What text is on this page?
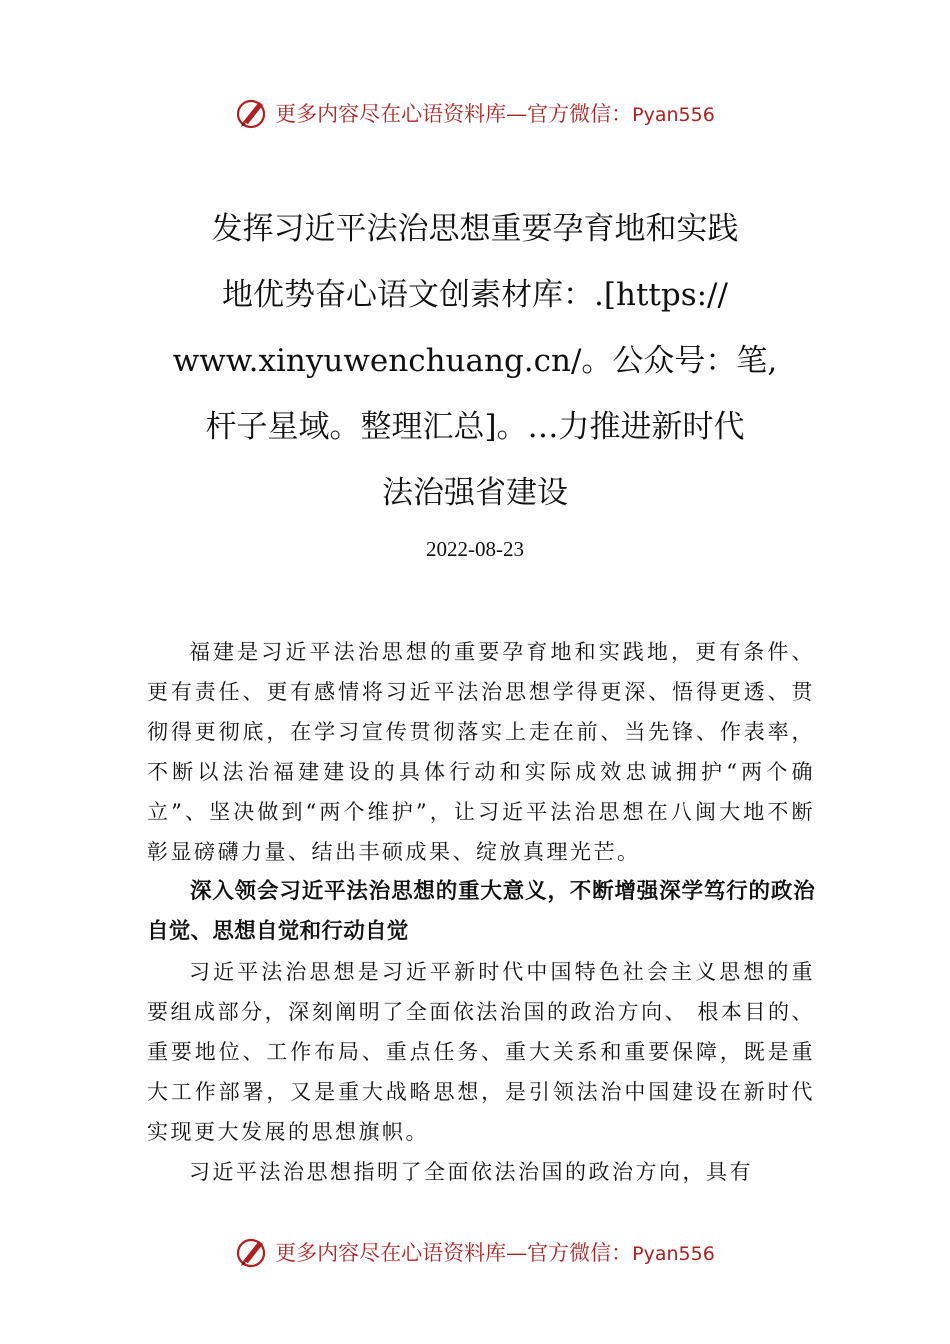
更多内容尽在心语资料库—官方微信：Pyan556
发挥习近平法治思想重要孕育地和实践
地优势奋心语文创素材库：.[https://
www.xinyuwenchuang.cn/。公众号：笔,
杆子星域。整理汇总]。…力推进新时代
法治强省建设
2022-08-23

福建是习近平法治思想的重要孕育地和实践地，更有条件、更有责任、更有感情将习近平法治思想学得更深、悟得更透、贯彻得更彻底，在学习宣传贯彻落实上走在前、当先锋、作表率，不断以法治福建建设的具体行动和实际成效忠诚拥护“两个确立”、坚决做到“两个维护”，让习近平法治思想在八闽大地不断彰显磅礴力量、结出丰硕成果、绽放真理光芒。

深入领会习近平法治思想的重大意义，不断增强深学笃行的政治自觉、思想自觉和行动自觉

习近平法治思想是习近平新时代中国特色社会主义思想的重要组成部分，深刻阐明了全面依法治国的政治方向、 根本目的、重要地位、工作布局、重点任务、重大关系和重要保障，既是重大工作部署，又是重大战略思想，是引领法治中国建设在新时代实现更大发展的思想旗帜。

习近平法治思想指明了全面依法治国的政治方向，具有

更多内容尽在心语资料库—官方微信：Pyan556
